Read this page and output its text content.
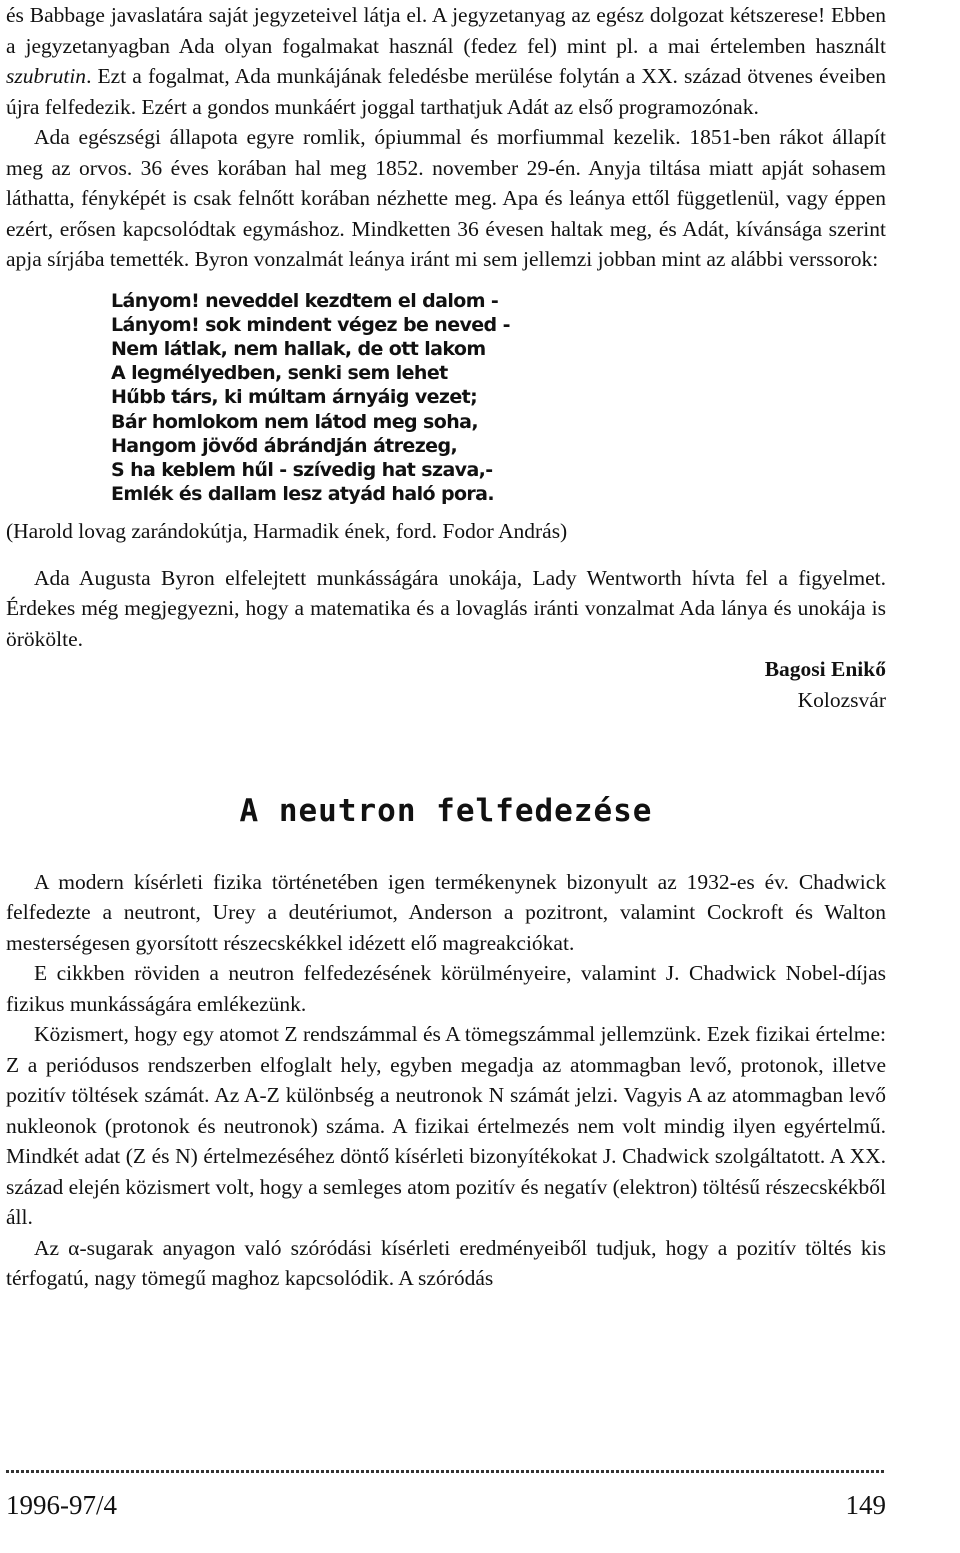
és Babbage javaslatára saját jegyzeteivel látja el. A jegyzetanyag az egész dolgozat kétszerese! Ebben a jegyzetanyagban Ada olyan fogalmakat használ (fedez fel) mint pl. a mai értelemben használt szubrutin. Ezt a fogalmat, Ada munkájának feledésbe merülése folytán a XX. század ötvenes éveiben újra felfedezik. Ezért a gondos munkáért joggal tarthatjuk Adát az első programozónak.

Ada egészségi állapota egyre romlik, ópiummal és morfiummal kezelik. 1851-ben rákot állapít meg az orvos. 36 éves korában hal meg 1852. november 29-én. Anyja tiltása miatt apját sohasem láthatta, fényképét is csak felnőtt korában nézhette meg. Apa és leánya ettől függetlenül, vagy éppen ezért, erősen kapcsolódtak egymáshoz. Mindketten 36 évesen haltak meg, és Adát, kívánsága szerint apja sírjába temették. Byron vonzalmát leánya iránt mi sem jellemzi jobban mint az alábbi verssorok:

Lányom! neveddel kezdtem el dalom -
Lányom! sok mindent végez be neved -
Nem látlak, nem hallak, de ott lakom
A legmélyedben, senki sem lehet
Hűbb társ, ki múltam árnyáig vezet;
Bár homlokom nem látod meg soha,
Hangom jövőd ábrándján átrezeg,
S ha keblem hűl - szívedig hat szava,-
Emlék és dallam lesz atyád haló pora.

(Harold lovag zarándokútja, Harmadik ének, ford. Fodor András)

Ada Augusta Byron elfelejtett munkásságára unokája, Lady Wentworth hívta fel a figyelmet. Érdekes még megjegyezni, hogy a matematika és a lovaglás iránti vonzalmat Ada lánya és unokája is örökölte.

Bagosi Enikő
Kolozsvár
A neutron felfedezése

A modern kísérleti fizika történetében igen termékenynek bizonyult az 1932-es év. Chadwick felfedezte a neutront, Urey a deutériumot, Anderson a pozitront, valamint Cockroft és Walton mesterségesen gyorsított részecskékkel idézett elő magreakciókat.

E cikkben röviden a neutron felfedezésének körülményeire, valamint J. Chadwick Nobel-díjas fizikus munkásságára emlékezünk.

Közismert, hogy egy atomot Z rendszámmal és A tömegszámmal jellemzünk. Ezek fizikai értelme: Z a periódusos rendszerben elfoglalt hely, egyben megadja az atommagban levő, protonok, illetve pozitív töltések számát. Az A-Z különbség a neutronok N számát jelzi. Vagyis A az atommagban levő nukleonok (protonok és neutronok) száma. A fizikai értelmezés nem volt mindig ilyen egyértelmű. Mindkét adat (Z és N) értelmezéséhez döntő kísérleti bizonyítékokat J. Chadwick szolgáltatott. A XX. század elején közismert volt, hogy a semleges atom pozitív és negatív (elektron) töltésű részecskékből áll.

Az α-sugarak anyagon való szóródási kísérleti eredményeiből tudjuk, hogy a pozitív töltés kis térfogatú, nagy tömegű maghoz kapcsolódik. A szóródás

1996-97/4	149
